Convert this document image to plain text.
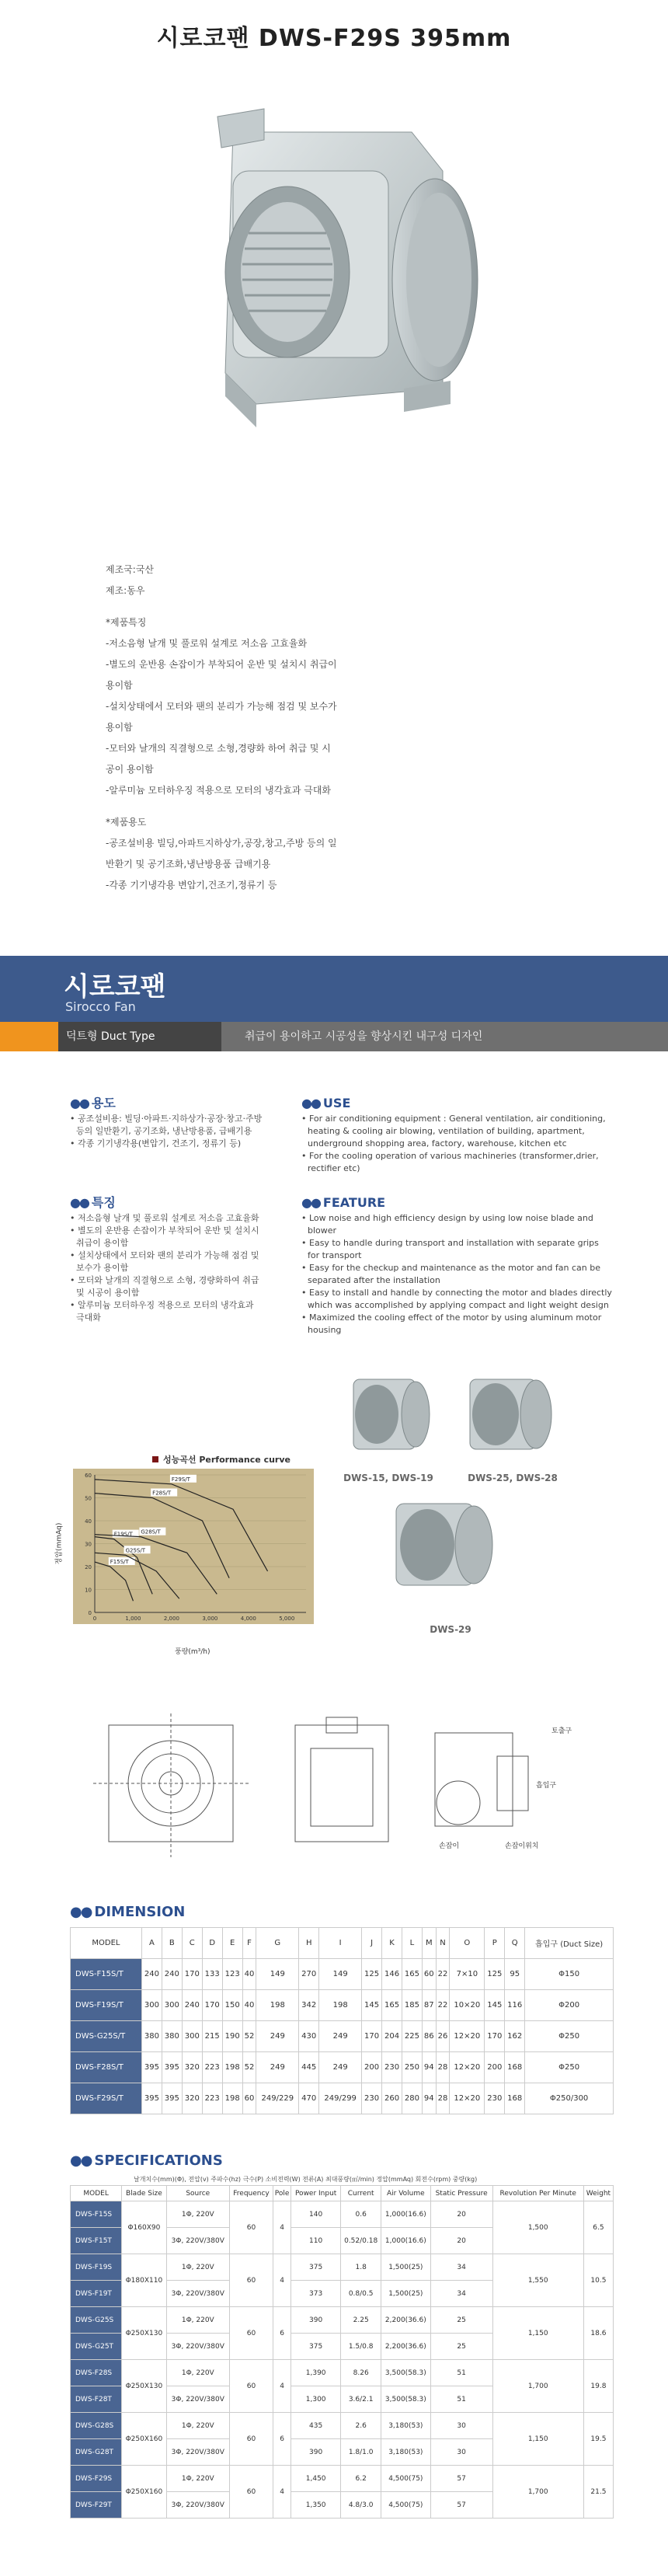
시로코팬 DWS-F29S 395mm
제조국:국산
제조:동우
*제품특징
-저소음형 날개 및 풀로워 설계로 저소음 고효율화
-별도의 운반용 손잡이가 부착되어 운반 및 설치시 취급이
용이함
-설치상태에서 모터와 팬의 분리가 가능해 점검 및 보수가
용이함
-모터와 날개의 직결형으로 소형,경량화 하여 취급 및 시
공이 용이함
-알루미늄 모터하우징 적용으로 모터의 냉각효과 극대화
*제품용도
-공조설비용 빌딩,아파트지하상가,공장,창고,주방 등의 일
반환기 및 공기조화,냉난방용품 급배기용
-각종 기기냉각용 변압기,건조기,정류기 등
시로코팬
Sirocco Fan
덕트형 Duct Type	취급이 용이하고 시공성을 향상시킨 내구성 디자인
●● 용도
• 공조설비용: 빌딩·아파트·지하상가·공장·창고·주방 등의 일반환기, 공기조화, 냉난방용품, 급배기용
• 각종 기기냉각용(변압기, 건조기, 정류기 등)
●● 특징
• 저소음형 날개 및 풀로워 설계로 저소음 고효율화
• 별도의 운반용 손잡이가 부착되어 운반 및 설치시 취급이 용이함
• 설치상태에서 모터와 팬의 분리가 가능해 점검 및 보수가 용이함
• 모터와 날개의 직결형으로 소형, 경량화하여 취급 및 시공이 용이함
• 알루미늄 모터하우징 적용으로 모터의 냉각효과 극대화
●● USE
• For air conditioning equipment : General ventilation, air conditioning, heating & cooling air blowing, ventilation of building, apartment, underground shopping area, factory, warehouse, kitchen etc
• For the cooling operation of various machineries (transformer,drier, rectifier etc)
●● FEATURE
• Low noise and high efficiency design by using low noise blade and blower
• Easy to handle during transport and installation with separate grips for transport
• Easy for the checkup and maintenance as the motor and fan can be separated after the installation
• Easy to install and handle by connecting the motor and blades directly which was accomplished by applying compact and light weight design
• Maximized the cooling effect of the motor by using aluminum motor housing
DWS-15, DWS-19	DWS-25, DWS-28
DWS-29
성능곡선 Performance curve
0
10
20
30
40
50
60
0	1,000	2,000	3,000	4,000	5,000
F15S/T
F19S/T
G25S/T
G28S/T
F28S/T
F29S/T
풍량(m³/h)
정압(mmAq)
토출구
흡입구
손잡이	손잡이위치
●● DIMENSION
MODEL	A	B	C	D	E	F	G	H	I	J	K	L	M	N	O	P	Q	흡입구 (Duct Size)
DWS-F15S/T	240	240	170	133	123	40	149	270	149	125	146	165	60	22	7×10	125	95	Φ150
DWS-F19S/T	300	300	240	170	150	40	198	342	198	145	165	185	87	22	10×20	145	116	Φ200
DWS-G25S/T	380	380	300	215	190	52	249	430	249	170	204	225	86	26	12×20	170	162	Φ250
DWS-F28S/T	395	395	320	223	198	52	249	445	249	200	230	250	94	28	12×20	200	168	Φ250
DWS-F29S/T	395	395	320	223	198	60	249/229	470	249/299	230	260	280	94	28	12×20	230	168	Φ250/300
●● SPECIFICATIONS
날개치수(mm)(Φ), 전압(v) 주파수(hz) 극수(P) 소비전력(W) 전류(A) 최대풍량(㎥/min) 정압(mmAq) 회전수(rpm) 중량(kg)
MODEL	Blade Size	Source	Frequency	Pole	Power Input	Current	Air Volume	Static Pressure	Revolution Per Minute	Weight
DWS-F15S	Φ160X90	1Φ, 220V	60	4	140	0.6	1,000(16.6)	20	1,500	6.5
DWS-F15T		3Φ, 220V/380V			110	0.52/0.18	1,000(16.6)	20		
DWS-F19S	Φ180X110	1Φ, 220V	60	4	375	1.8	1,500(25)	34	1,550	10.5
DWS-F19T		3Φ, 220V/380V			373	0.8/0.5	1,500(25)	34		
DWS-G25S	Φ250X130	1Φ, 220V	60	6	390	2.25	2,200(36.6)	25	1,150	18.6
DWS-G25T		3Φ, 220V/380V			375	1.5/0.8	2,200(36.6)	25		
DWS-F28S	Φ250X130	1Φ, 220V	60	4	1,390	8.26	3,500(58.3)	51	1,700	19.8
DWS-F28T		3Φ, 220V/380V			1,300	3.6/2.1	3,500(58.3)	51		
DWS-G28S	Φ250X160	1Φ, 220V	60	6	435	2.6	3,180(53)	30	1,150	19.5
DWS-G28T		3Φ, 220V/380V			390	1.8/1.0	3,180(53)	30		
DWS-F29S	Φ250X160	1Φ, 220V	60	4	1,450	6.2	4,500(75)	57	1,700	21.5
DWS-F29T		3Φ, 220V/380V			1,350	4.8/3.0	4,500(75)	57		
